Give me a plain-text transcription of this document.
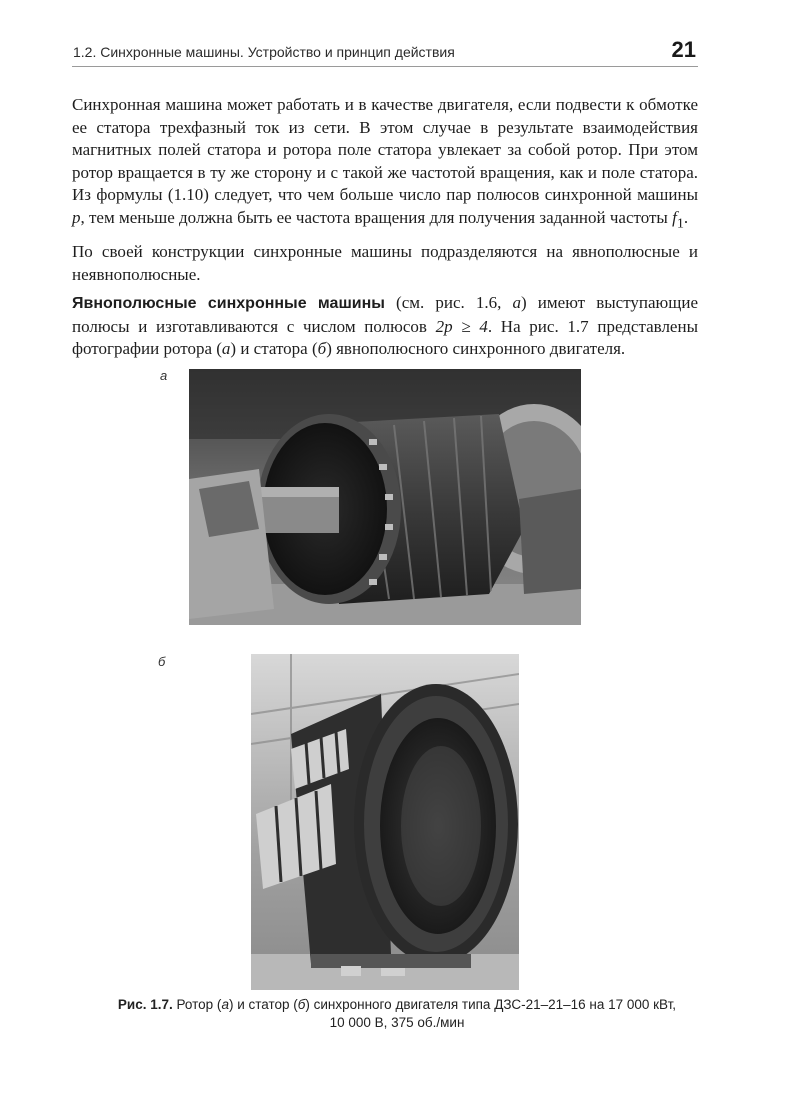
1.2. Синхронные машины. Устройство и принцип действия	21

Синхронная машина может работать и в качестве двигателя, если подвести к обмотке ее статора трехфазный ток из сети. В этом случае в результате взаимодействия магнитных полей статора и ротора поле статора увлекает за собой ротор. При этом ротор вращается в ту же сторону и с такой же частотой вращения, как и поле статора. Из формулы (1.10) следует, что чем больше число пар полюсов синхронной машины p, тем меньше должна быть ее частота вращения для получения заданной частоты $f_1$.

По своей конструкции синхронные машины подразделяются на явнополюсные и неявнополюсные.

Явнополюсные синхронные машины (см. рис. 1.6, а) имеют выступающие полюсы и изготавливаются с числом полюсов 2p ≥ 4. На рис. 1.7 представлены фотографии ротора (а) и статора (б) явнополюсного синхронного двигателя.

а
б
Рис. 1.7. Ротор (а) и статор (б) синхронного двигателя типа ДЗС-21–21–16 на 17 000 кВт,
10 000 В, 375 об./мин
